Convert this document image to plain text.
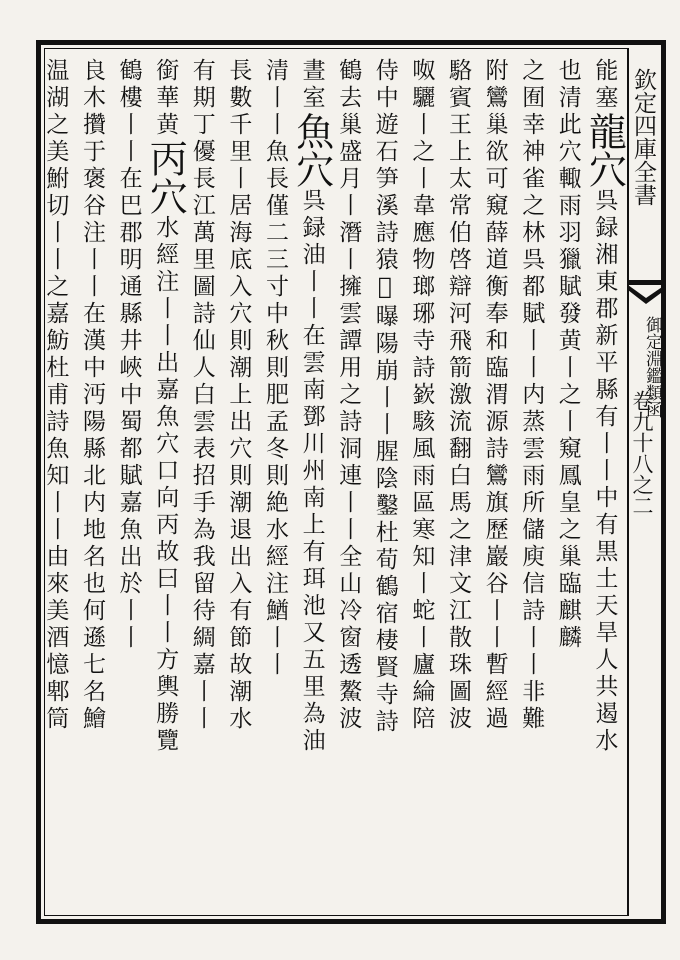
欽定四庫全書
御定淵鑑類函
卷九十八之二
能塞龍穴呉録湘東郡新平縣有丨丨中有黒土天旱人共遏水
也清此穴輙雨羽獵賦發黄丨之丨窺鳳皇之巢臨麒麟
之囿幸神雀之林呉都賦丨丨内蒸雲雨所儲庾信詩丨丨非難
附鸞巢欲可窺薛道衡奉和臨渭源詩鸞旗歷巖谷丨丨暫經過
駱賓王上太常伯啓辯河飛箭激流翻白馬之津文江散珠圖波
呶驪丨之丨韋應物瑯琊寺詩嶔駭風雨區寒知丨蛇丨廬綸陪
侍中遊石笋溪詩猿𤢧曝陽崩丨丨腥陰鑿杜荀鶴宿棲賢寺詩
鶴去巢盛月丨潛丨擁雲譚用之詩洞連丨丨全山冷窗透鰲波
晝室魚穴呉録油丨丨在雲南鄧川州南上有珥池又五里為油
清丨丨魚長僅二三寸中秋則肥孟冬則絶水經注鰌丨丨
長數千里丨居海底入穴則潮上出穴則潮退出入有節故潮水
有期丁優長江萬里圖詩仙人白雲表招手為我留待綢嘉丨丨
銜華黄丙穴水經注丨丨出嘉魚穴口向丙故曰丨丨方輿勝覽
鶴樓丨丨在巴郡明通縣井峽中蜀都賦嘉魚出於丨丨
良木攢于褒谷注丨丨在漢中沔陽縣北内地名也何遜七名鱠
温湖之美鮒切丨丨之嘉魴杜甫詩魚知丨丨由來美酒憶郫筒
